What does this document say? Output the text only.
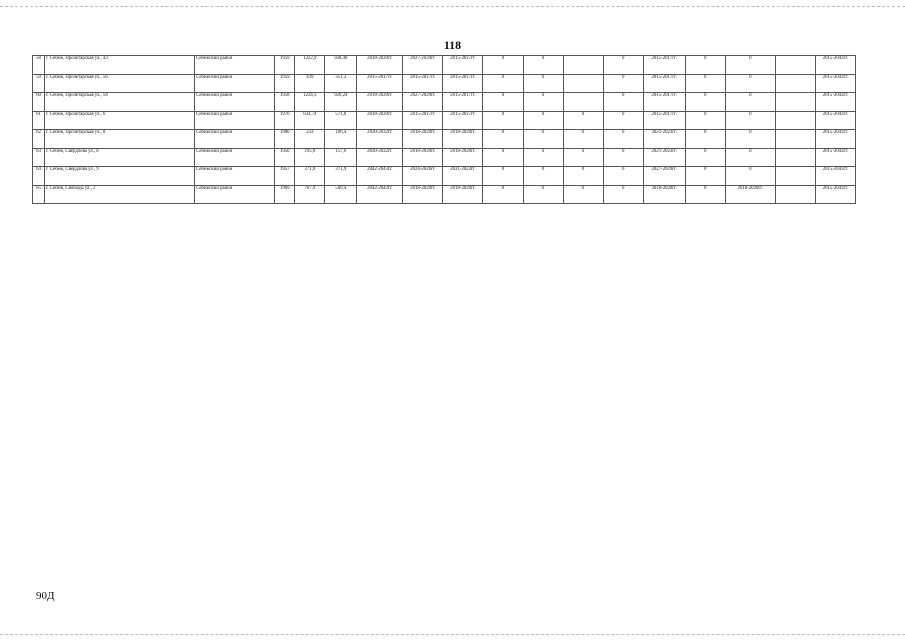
118
58	г. Себеж, Пролетарская ул., 43	Себежский район	1959	1222,9	938,48	2018-2020гг.	2027-2029гг.	2015-2017гг.	0	0		0	2015-2017гг.	0	0		2015-2043гг.
59	г. Себеж, Пролетарская ул., 56	Себежский район	1959	439	351,2	2015-2017гг.	2015-2017гг.	2015-2017гг.	0	0		0	2015-2017гг.	0	0		2015-2043гг.
60	г. Себеж, Пролетарская ул., 58	Себежский район	1958	1234,3	920,24	2018-2020гг.	2027-2029гг.	2015-2017гг.	0	0		0	2015-2017гг.	0	0		2015-2043гг.
61	г. Себеж, Пролетарская ул., 6	Себежский район	1976	634,74	571,8	2018-2020гг.	2015-2017гг.	2015-2017гг.	0	0	0	0	2015-2017гг.	0	0		2015-2043гг.
62	г. Себеж, Пролетарская ул., 8	Себежский район	1980	233	186,4	2030-2032гг.	2018-2020гг.	2018-2020гг.	0	0	0	0	2021-2023гг.	0	0		2015-2043гг.
63	г. Себеж, Свердлова ул., 8	Себежский район	1950	195,9	157,6	2030-2032гг.	2018-2020гг.	2018-2020гг.	0	0	0	0	2021-2023гг.	0	0		2015-2043гг.
64	г. Себеж, Свердлова ул., 9	Себежский район	1957	371,9	371,9	2042-2043гг.	2024-2026гг.	2021-2023гг.	0	0	0	0	2027-2029гг.	0	0		2015-2043гг.
65	г. Себеж, Свободы ул., 2	Себежский район	1969	767,9	509,4	2042-2043гг.	2018-2020гг.	2018-2020гг.	0	0	0	0	2018-2020гг.	0	2018-2020гг.		2015-2043гг.
90Д
